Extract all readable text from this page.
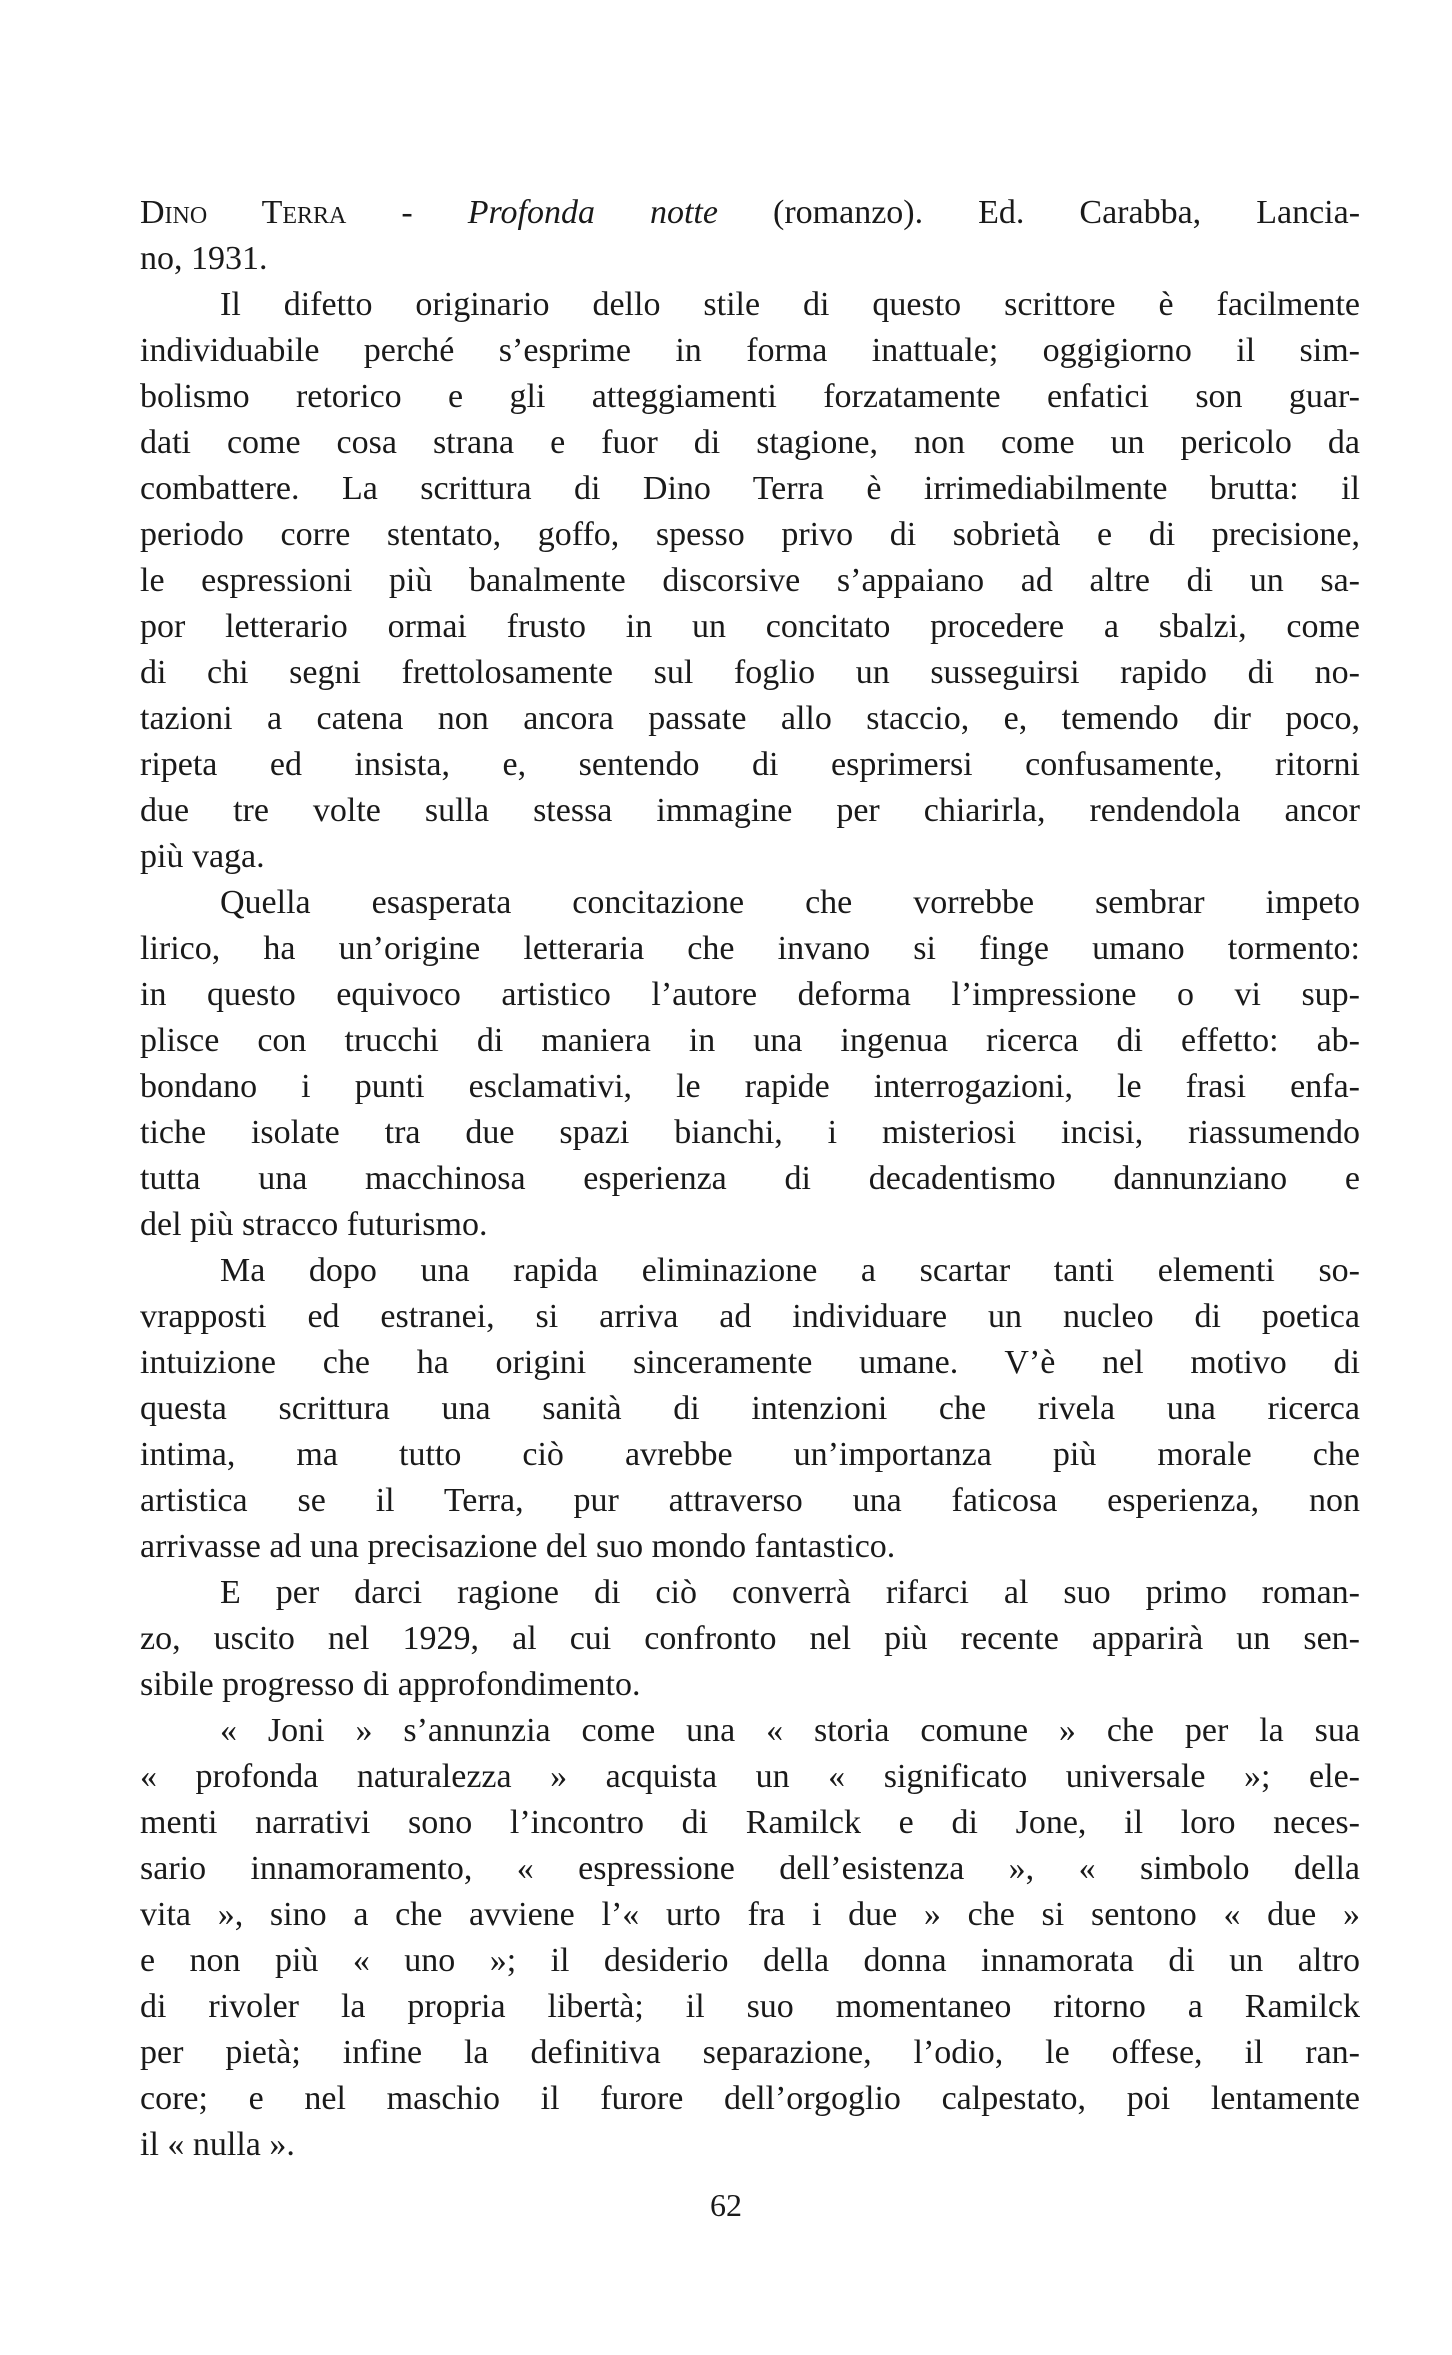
Dino Terra - Profonda notte (romanzo). Ed. Carabba, Lancia-
no, 1931.
Il difetto originario dello stile di questo scrittore è facilmente
individuabile perché s’esprime in forma inattuale; oggigiorno il sim-
bolismo retorico e gli atteggiamenti forzatamente enfatici son guar-
dati come cosa strana e fuor di stagione, non come un pericolo da
combattere. La scrittura di Dino Terra è irrimediabilmente brutta: il
periodo corre stentato, goffo, spesso privo di sobrietà e di precisione,
le espressioni più banalmente discorsive s’appaiano ad altre di un sa-
por letterario ormai frusto in un concitato procedere a sbalzi, come
di chi segni frettolosamente sul foglio un susseguirsi rapido di no-
tazioni a catena non ancora passate allo staccio, e, temendo dir poco,
ripeta ed insista, e, sentendo di esprimersi confusamente, ritorni
due tre volte sulla stessa immagine per chiarirla, rendendola ancor
più vaga.
Quella esasperata concitazione che vorrebbe sembrar impeto
lirico, ha un’origine letteraria che invano si finge umano tormento:
in questo equivoco artistico l’autore deforma l’impressione o vi sup-
plisce con trucchi di maniera in una ingenua ricerca di effetto: ab-
bondano i punti esclamativi, le rapide interrogazioni, le frasi enfa-
tiche isolate tra due spazi bianchi, i misteriosi incisi, riassumendo
tutta una macchinosa esperienza di decadentismo dannunziano e
del più stracco futurismo.
Ma dopo una rapida eliminazione a scartar tanti elementi so-
vrapposti ed estranei, si arriva ad individuare un nucleo di poetica
intuizione che ha origini sinceramente umane. V’è nel motivo di
questa scrittura una sanità di intenzioni che rivela una ricerca
intima, ma tutto ciò avrebbe un’importanza più morale che
artistica se il Terra, pur attraverso una faticosa esperienza, non
arrivasse ad una precisazione del suo mondo fantastico.
E per darci ragione di ciò converrà rifarci al suo primo roman-
zo, uscito nel 1929, al cui confronto nel più recente apparirà un sen-
sibile progresso di approfondimento.
« Joni » s’annunzia come una « storia comune » che per la sua
« profonda naturalezza » acquista un « significato universale »; ele-
menti narrativi sono l’incontro di Ramilck e di Jone, il loro neces-
sario innamoramento, « espressione dell’esistenza », « simbolo della
vita », sino a che avviene l’« urto fra i due » che si sentono « due »
e non più « uno »; il desiderio della donna innamorata di un altro
di rivoler la propria libertà; il suo momentaneo ritorno a Ramilck
per pietà; infine la definitiva separazione, l’odio, le offese, il ran-
core; e nel maschio il furore dell’orgoglio calpestato, poi lentamente
il « nulla ».
62
